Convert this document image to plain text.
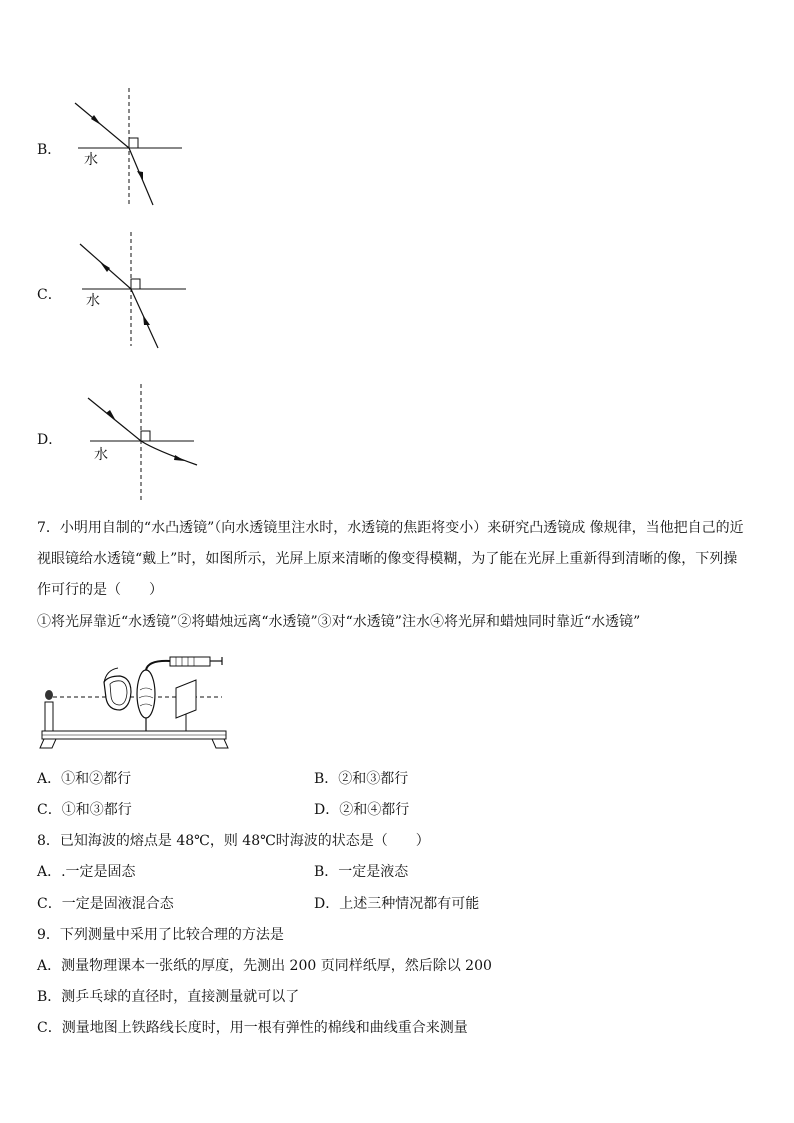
B．
水
C． 水
D．
水
7．小明用自制的“水凸透镜”（向水透镜里注水时，水透镜的焦距将变小）来研究凸透镜成 像规律，当他把自己的近
视眼镜给水透镜“戴上”时，如图所示，光屏上原来清晰的像变得模糊，为了能在光屏上重新得到清晰的像，下列操
作可行的是（　　）
①将光屏靠近“水透镜”②将蜡烛远离“水透镜”③对“水透镜”注水④将光屏和蜡烛同时靠近“水透镜”
A．①和②都行	B．②和③都行
C．①和③都行	D．②和④都行
8．已知海波的熔点是 48℃，则 48℃时海波的状态是（　　）
A．.一定是固态	B．一定是液态
C．一定是固液混合态	D．上述三种情况都有可能
9．下列测量中采用了比较合理的方法是
A．测量物理课本一张纸的厚度，先测出 200 页同样纸厚，然后除以 200
B．测乒乓球的直径时，直接测量就可以了
C．测量地图上铁路线长度时，用一根有弹性的棉线和曲线重合来测量
